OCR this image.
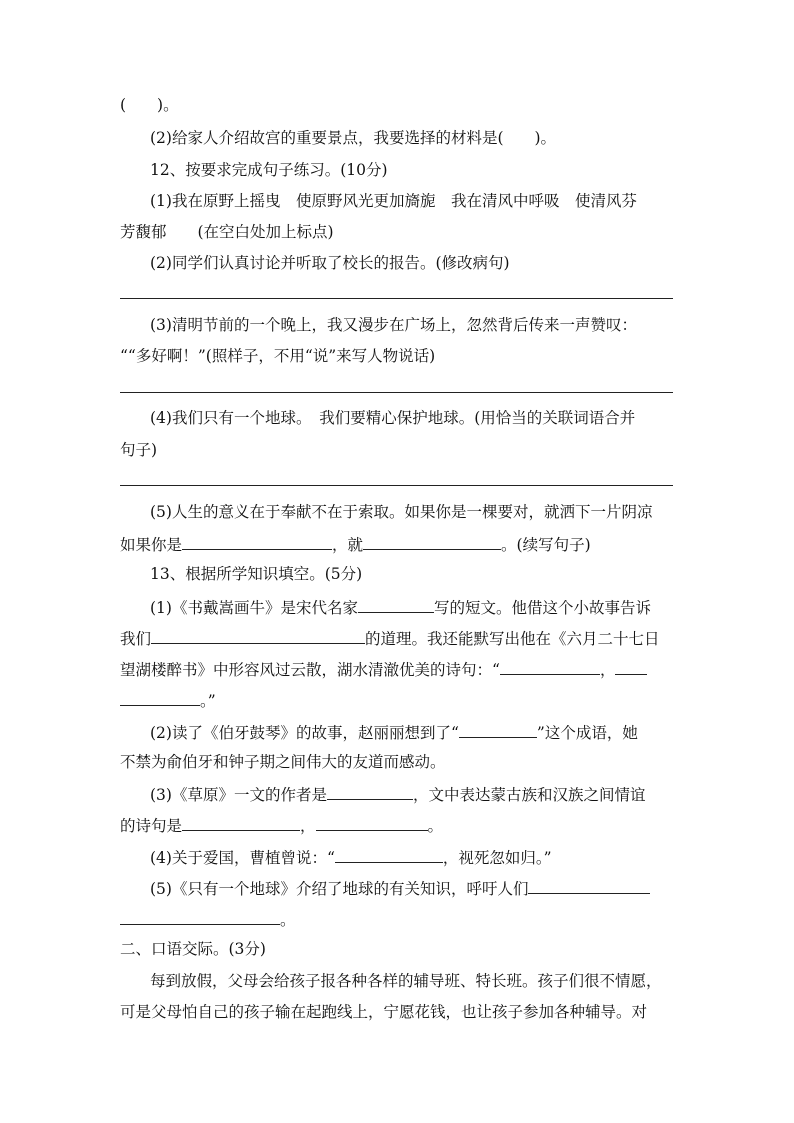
(　　)。
(2)给家人介绍故宫的重要景点，我要选择的材料是(　　)。
12、按要求完成句子练习。(10分)
(1)我在原野上摇曳　使原野风光更加旖旎　我在清风中呼吸　使清风芬
芳馥郁　　(在空白处加上标点)
(2)同学们认真讨论并听取了校长的报告。(修改病句)
(3)清明节前的一个晚上，我又漫步在广场上，忽然背后传来一声赞叹：
““多好啊！”(照样子，不用“说”来写人物说话)
(4)我们只有一个地球。　我们要精心保护地球。(用恰当的关联词语合并
句子)
(5)人生的意义在于奉献不在于索取。如果你是一棵要对，就洒下一片阴凉
如果你是	，就	。(续写句子)
13、根据所学知识填空。(5分)
(1)《书戴嵩画牛》是宋代名家	写的短文。他借这个小故事告诉
我们	的道理。我还能默写出他在《六月二十七日
望湖楼醉书》中形容风过云散，湖水清澈优美的诗句：“	，
。”
(2)读了《伯牙鼓琴》的故事，赵丽丽想到了“	”这个成语，她
不禁为俞伯牙和钟子期之间伟大的友道而感动。
(3)《草原》一文的作者是	，文中表达蒙古族和汉族之间情谊
的诗句是	，	。
(4)关于爱国，曹植曾说：“	，视死忽如归。”
(5)《只有一个地球》介绍了地球的有关知识，呼吁人们
。
二、口语交际。(3分)
每到放假，父母会给孩子报各种各样的辅导班、特长班。孩子们很不情愿，
可是父母怕自己的孩子输在起跑线上，宁愿花钱，也让孩子参加各种辅导。对
